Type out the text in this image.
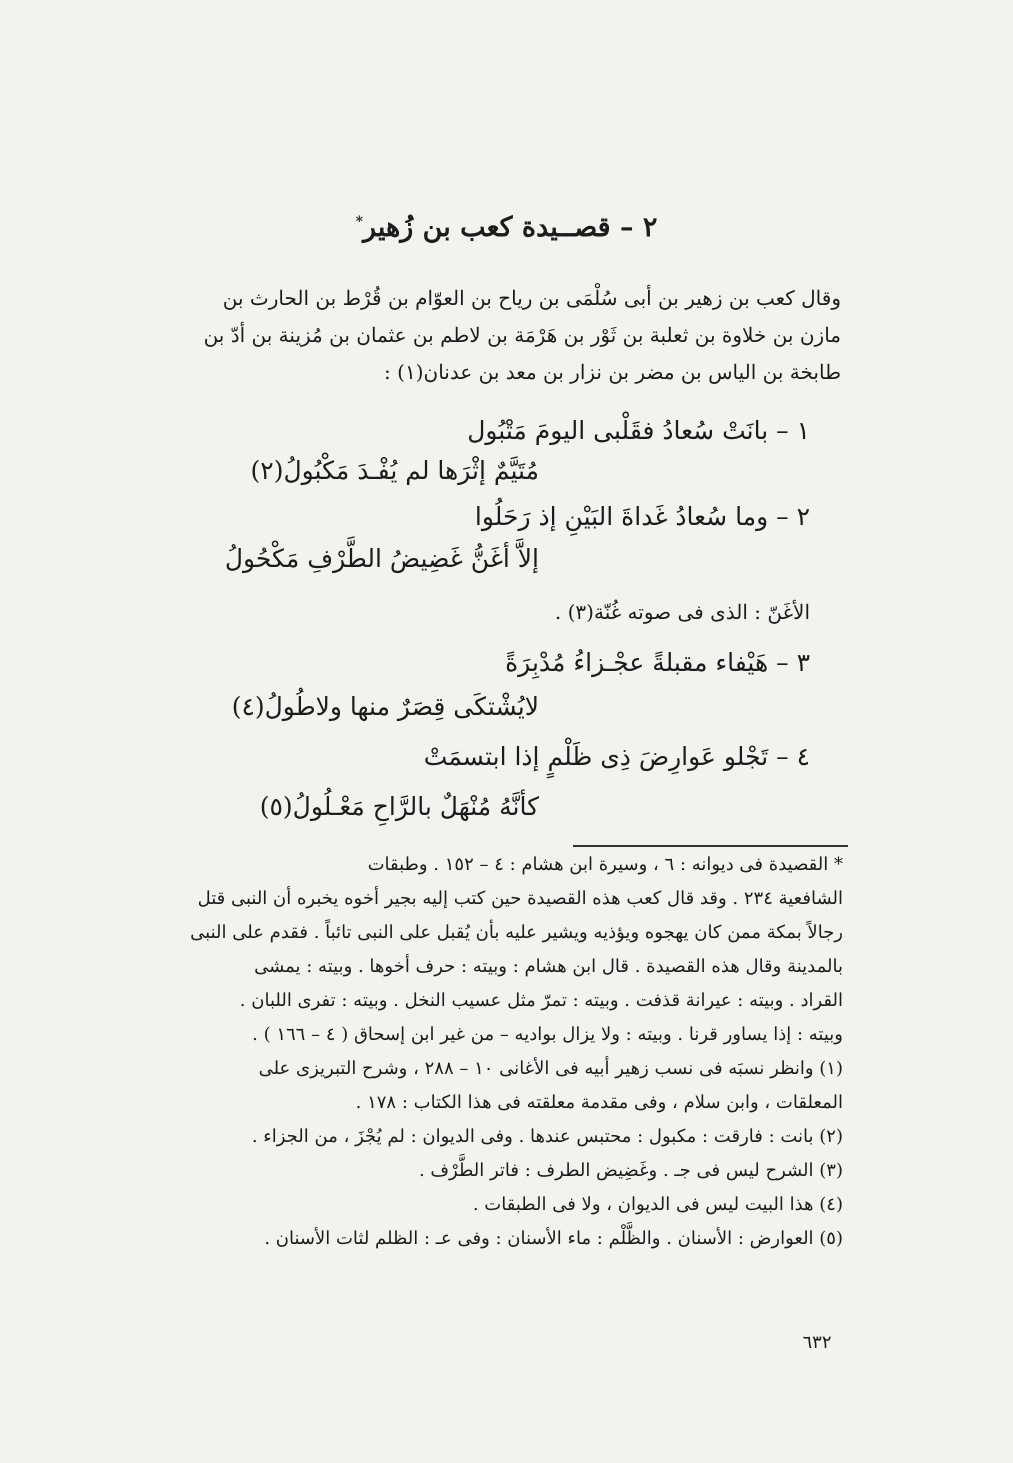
٢ – قصــيدة كعب بن زُهير*

وقال كعب بن زهير بن أبى سُلْمَى بن رياح بن العوّام بن قُرْط بن الحارث بن

مازن بن خلاوة بن ثعلبة بن ثَوْر بن هَرْمَة بن لاطم بن عثمان بن مُزينة بن أدّ بن

طابخة بن الياس بن مضر بن نزار بن معد بن عدنان(١) :

١ – بانَتْ سُعادُ فقَلْبى اليومَ مَتْبُول
مُتَيَّمٌ إثْرَها لم يُفْـدَ مَكْبُولُ(٢)
٢ – وما سُعادُ غَداةَ البَيْنِ إذ رَحَلُوا
إلاَّ أغَنُّ غَضِيضُ الطَّرْفِ مَكْحُولُ
الأغَنّ : الذى فى صوته غُنّة(٣) .
٣ – هَيْفاء مقبلةً عجْـزاءُ مُدْبِرَةً
لايُشْتكَى قِصَرٌ منها ولاطُولُ(٤)
٤ – تَجْلو عَوارِضَ ذِى ظَلْمٍ إذا ابتسمَتْ
كأنَّهُ مُنْهَلٌ بالرَّاحِ مَعْـلُولُ(٥)

* القصيدة فى ديوانه : ٦ ، وسيرة ابن هشام : ٤ – ١٥٢ . وطبقات

الشافعية ٢٣٤ . وقد قال كعب هذه القصيدة حين كتب إليه بجير أخوه يخبره أن النبى قتل

رجالاً بمكة ممن كان يهجوه ويؤذيه ويشير عليه بأن يُقبل على النبى تائباً . فقدم على النبى

بالمدينة وقال هذه القصيدة . قال ابن هشام : وبيته : حرف أخوها . وبيته : يمشى

القراد . وبيته : عيرانة قذفت . وبيته : تمرّ مثل عسيب النخل . وبيته : تفرى اللبان .

وبيته : إذا يساور قرنا . وبيته : ولا يزال بواديه – من غير ابن إسحاق ( ٤ – ١٦٦ ) .

(١) وانظر نسبَه فى نسب زهير أبيه فى الأغانى ١٠ – ٢٨٨ ، وشرح التبريزى على

المعلقات ، وابن سلام ، وفى مقدمة معلقته فى هذا الكتاب : ١٧٨ .

(٢) بانت : فارقت : مكبول : محتبس عندها . وفى الديوان : لم يُجْزَ ، من الجزاء .

(٣) الشرح ليس فى جـ . وغَضِيض الطرف : فاتر الطَّرْف .

(٤) هذا البيت ليس فى الديوان ، ولا فى الطبقات .

(٥) العوارض : الأسنان . والظَّلْم : ماء الأسنان : وفى عـ : الظلم لثات الأسنان .

٦٣٢
